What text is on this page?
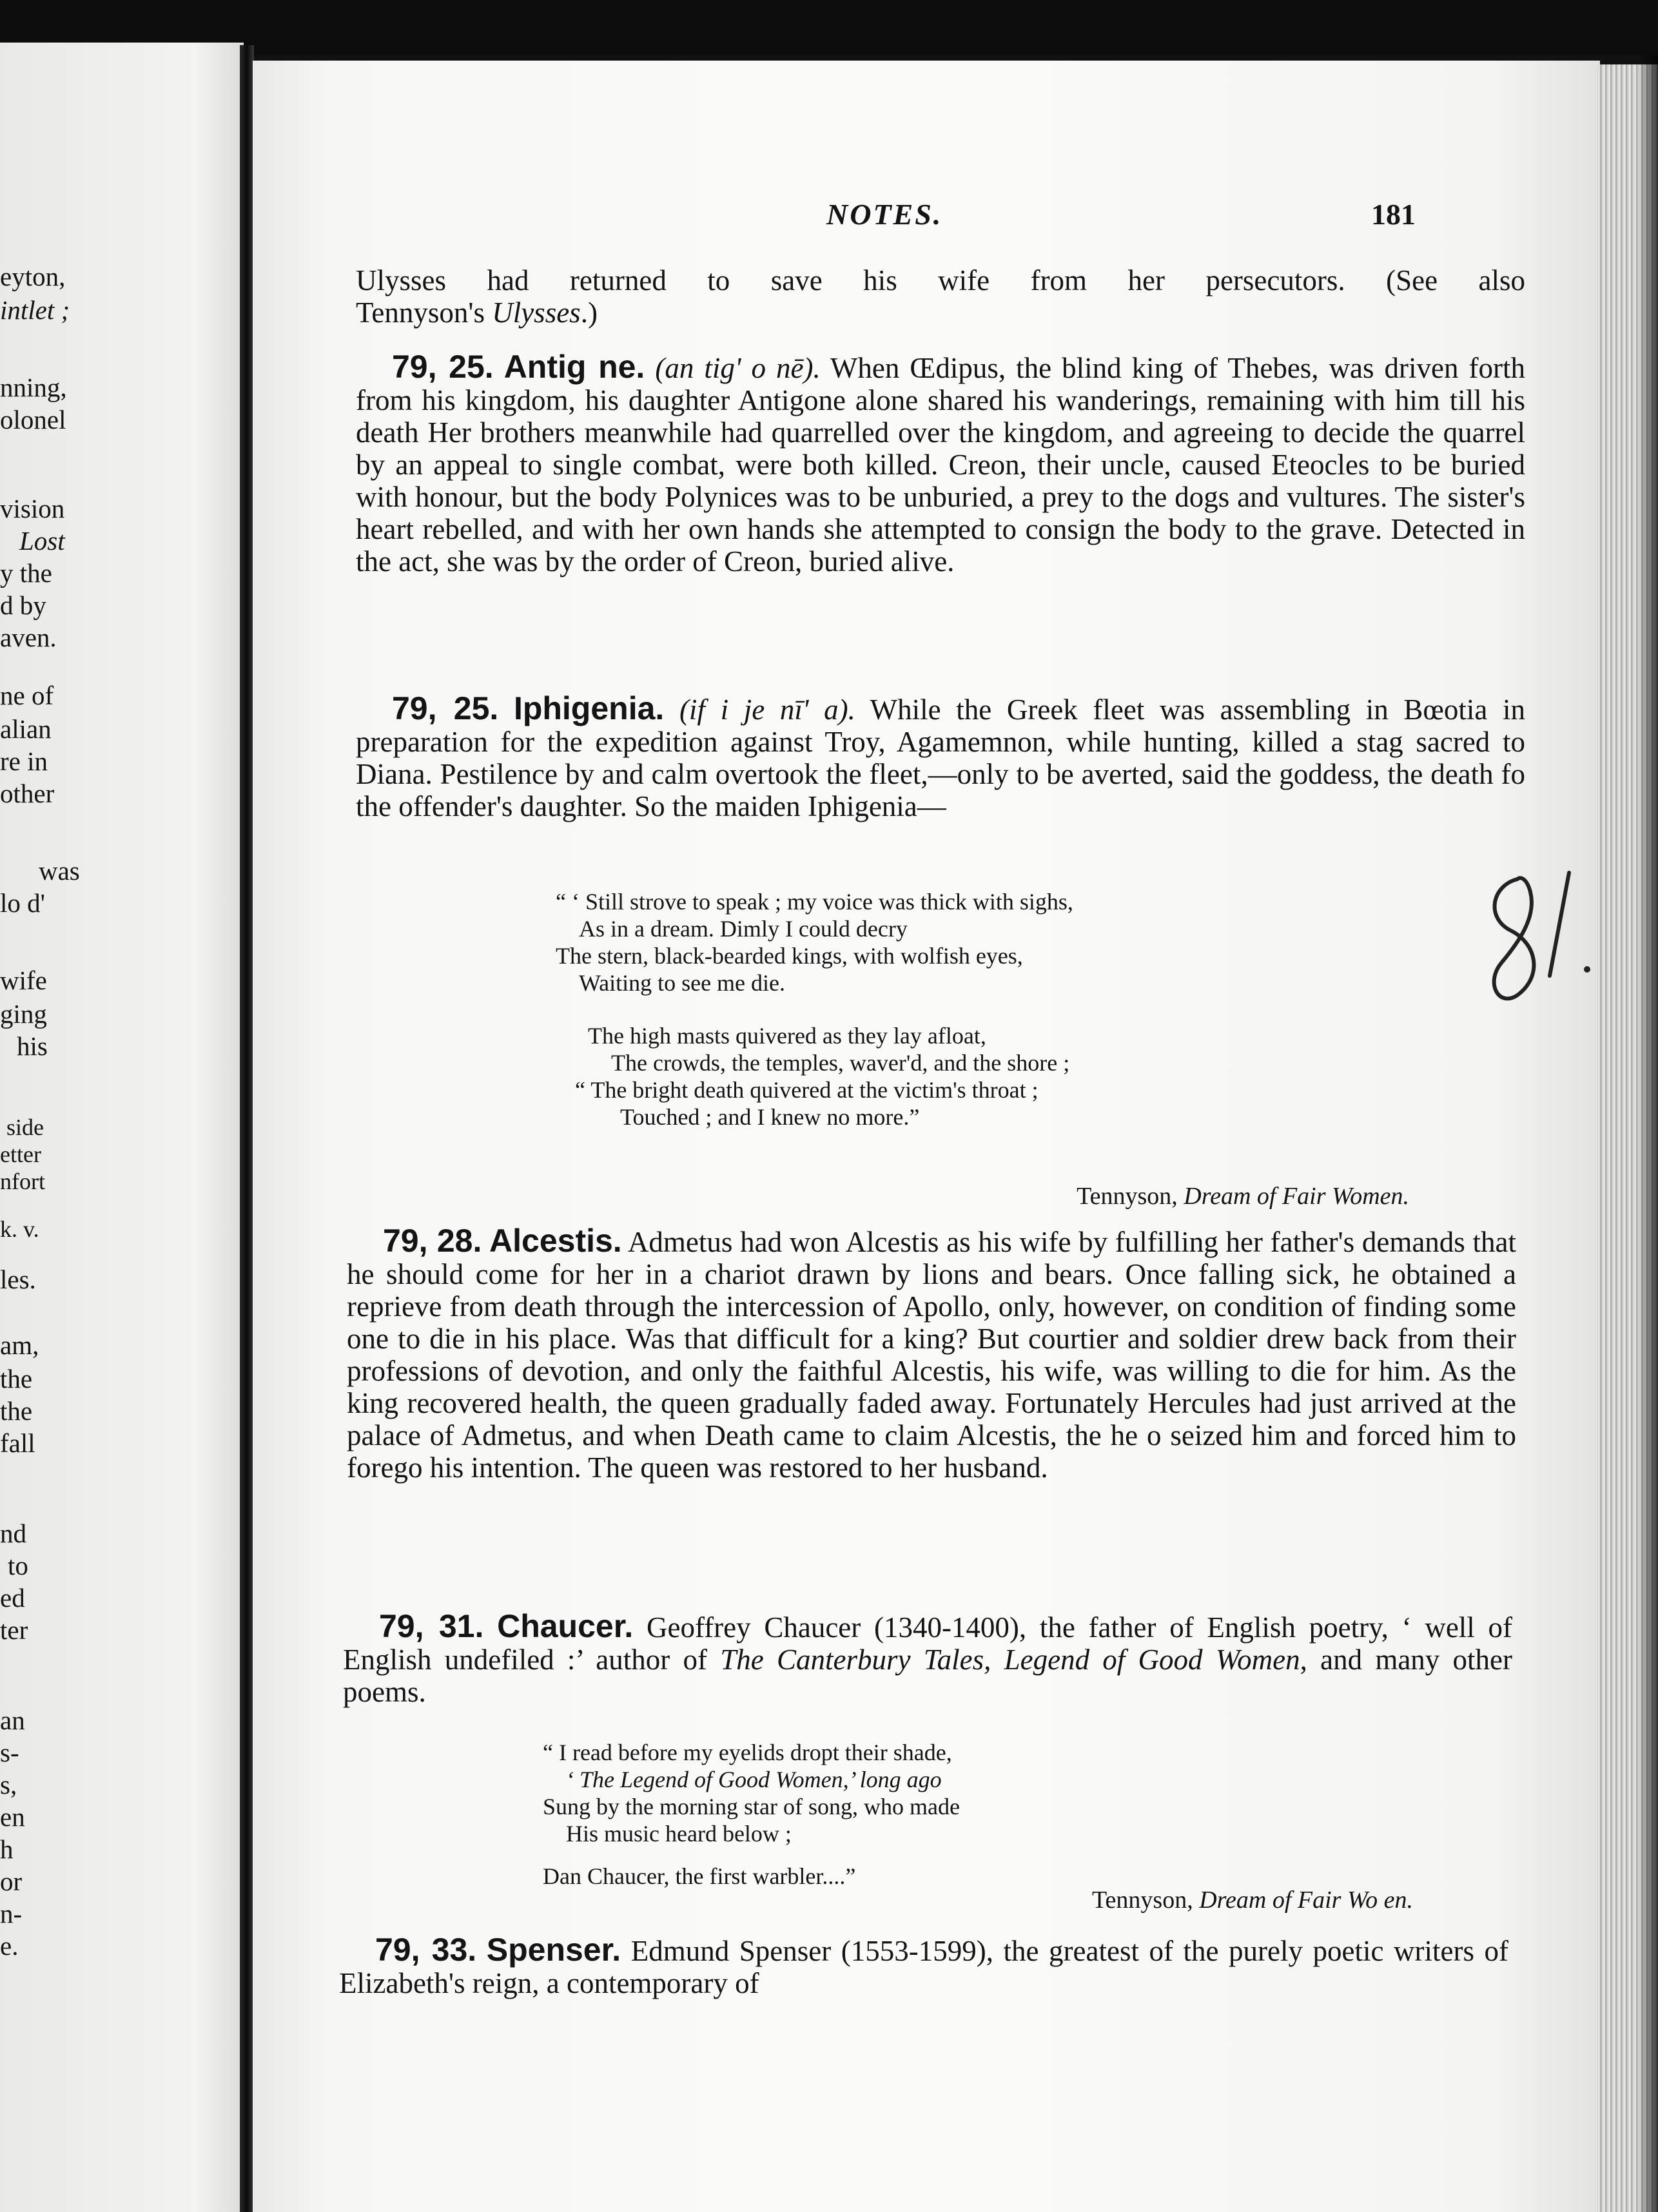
eyton,
intlet ;
nning,
olonel
vision
Lost
y the
d by
aven.
ne of
alian
re in
other
was
lo d'
wife
ging
his
side
etter
nfort
k. v.
les.
am,
the
the
fall
nd
to
ed
ter
an
s-
s,
en
h
or
n-
e.
NOTES.	181

Ulysses had returned to save his wife from her persecutors. (See also

Tennyson's Ulysses.)

79, 25. Antig ne. (an tig' o nē). When Œdipus, the blind king of Thebes, was driven forth from his kingdom, his daughter Antigone alone shared his wanderings, remaining with him till his death Her brothers meanwhile had quarrelled over the kingdom, and agreeing to decide the quarrel by an appeal to single combat, were both killed. Creon, their uncle, caused Eteocles to be buried with honour, but the body Polynices was to be unburied, a prey to the dogs and vultures. The sister's heart rebelled, and with her own hands she attempted to consign the body to the grave. Detected in the act, she was by the order of Creon, buried alive.

79, 25. Iphigenia. (if i je nī' a). While the Greek fleet was assembling in Bœotia in preparation for the expedition against Troy, Agamemnon, while hunting, killed a stag sacred to Diana. Pestilence by and calm overtook the fleet,—only to be averted, said the goddess, the death fo the offender's daughter. So the maiden Iphigenia—

“ ‘ Still strove to speak ; my voice was thick with sighs,
As in a dream. Dimly I could decry
The stern, black-bearded kings, with wolfish eyes,
Waiting to see me die.
The high masts quivered as they lay afloat,
The crowds, the temples, waver'd, and the shore ;
“ The bright death quivered at the victim's throat ;
Touched ; and I knew no more.”
Tennyson, Dream of Fair Women.

79, 28. Alcestis. Admetus had won Alcestis as his wife by fulfilling her father's demands that he should come for her in a chariot drawn by lions and bears. Once falling sick, he obtained a reprieve from death through the intercession of Apollo, only, however, on condition of finding some one to die in his place. Was that difficult for a king? But courtier and soldier drew back from their professions of devotion, and only the faithful Alcestis, his wife, was willing to die for him. As the king recovered health, the queen gradually faded away. Fortunately Hercules had just arrived at the palace of Admetus, and when Death came to claim Alcestis, the he o seized him and forced him to forego his intention. The queen was restored to her husband.

79, 31. Chaucer. Geoffrey Chaucer (1340-1400), the father of English poetry, ‘ well of English undefiled :’ author of The Canterbury Tales, Legend of Good Women, and many other poems.

“ I read before my eyelids dropt their shade,
‘ The Legend of Good Women,’ long ago
Sung by the morning star of song, who made
His music heard below ;
Dan Chaucer, the first warbler....”
Tennyson, Dream of Fair Wo en.

79, 33. Spenser. Edmund Spenser (1553-1599), the greatest of the purely poetic writers of Elizabeth's reign, a contemporary of
